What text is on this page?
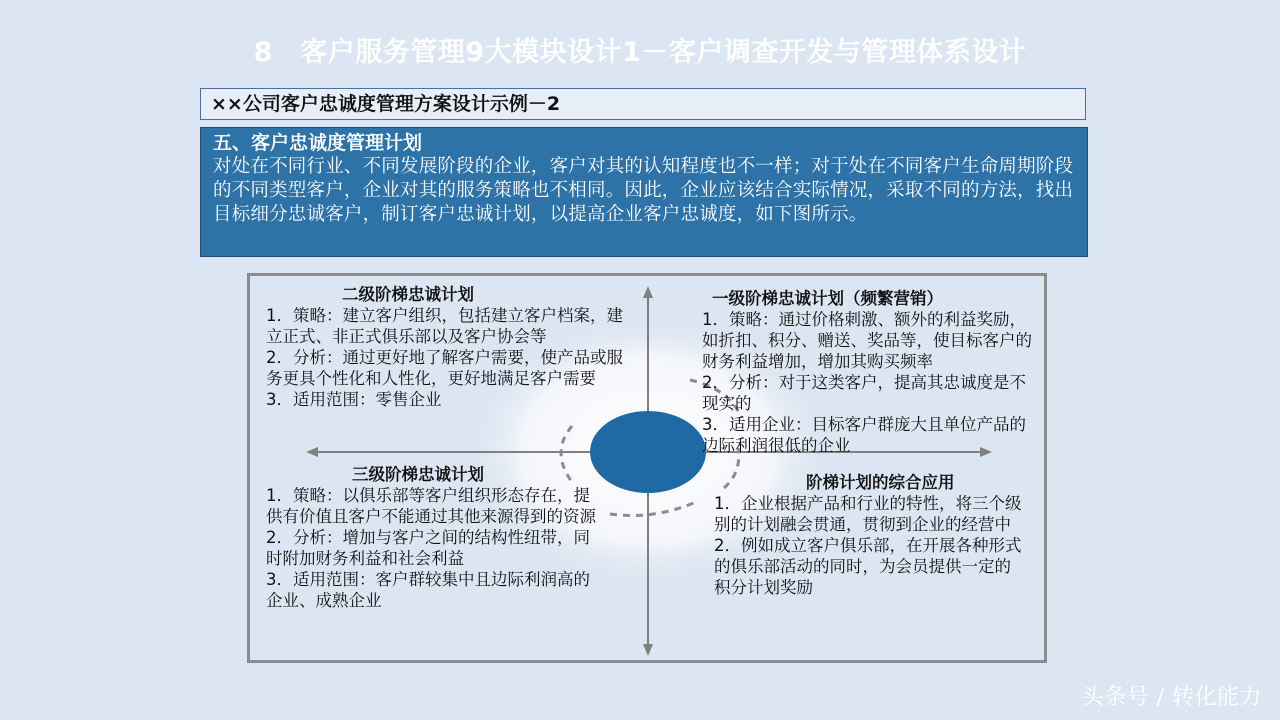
8　客户服务管理9大模块设计1－客户调查开发与管理体系设计
××公司客户忠诚度管理方案设计示例－2
五、客户忠诚度管理计划
对处在不同行业、不同发展阶段的企业，客户对其的认知程度也不一样；对于处在不同客户生命周期阶段的不同类型客户，企业对其的服务策略也不相同。因此，企业应该结合实际情况，采取不同的方法，找出目标细分忠诚客户，制订客户忠诚计划，以提高企业客户忠诚度，如下图所示。
二级阶梯忠诚计划
1．策略：建立客户组织，包括建立客户档案，建立正式、非正式俱乐部以及客户协会等
2．分析：通过更好地了解客户需要，使产品或服务更具个性化和人性化，更好地满足客户需要
3．适用范围：零售企业
一级阶梯忠诚计划（频繁营销）
1．策略：通过价格刺激、额外的利益奖励，如折扣、积分、赠送、奖品等，使目标客户的财务利益增加，增加其购买频率
2．分析：对于这类客户，提高其忠诚度是不现实的
3．适用企业：目标客户群庞大且单位产品的边际利润很低的企业
三级阶梯忠诚计划
1．策略：以俱乐部等客户组织形态存在，提供有价值且客户不能通过其他来源得到的资源
2．分析：增加与客户之间的结构性纽带，同时附加财务利益和社会利益
3．适用范围：客户群较集中且边际利润高的企业、成熟企业
阶梯计划的综合应用
1．企业根据产品和行业的特性，将三个级别的计划融会贯通，贯彻到企业的经营中
2．例如成立客户俱乐部，在开展各种形式的俱乐部活动的同时，为会员提供一定的积分计划奖励
头条号 / 转化能力
